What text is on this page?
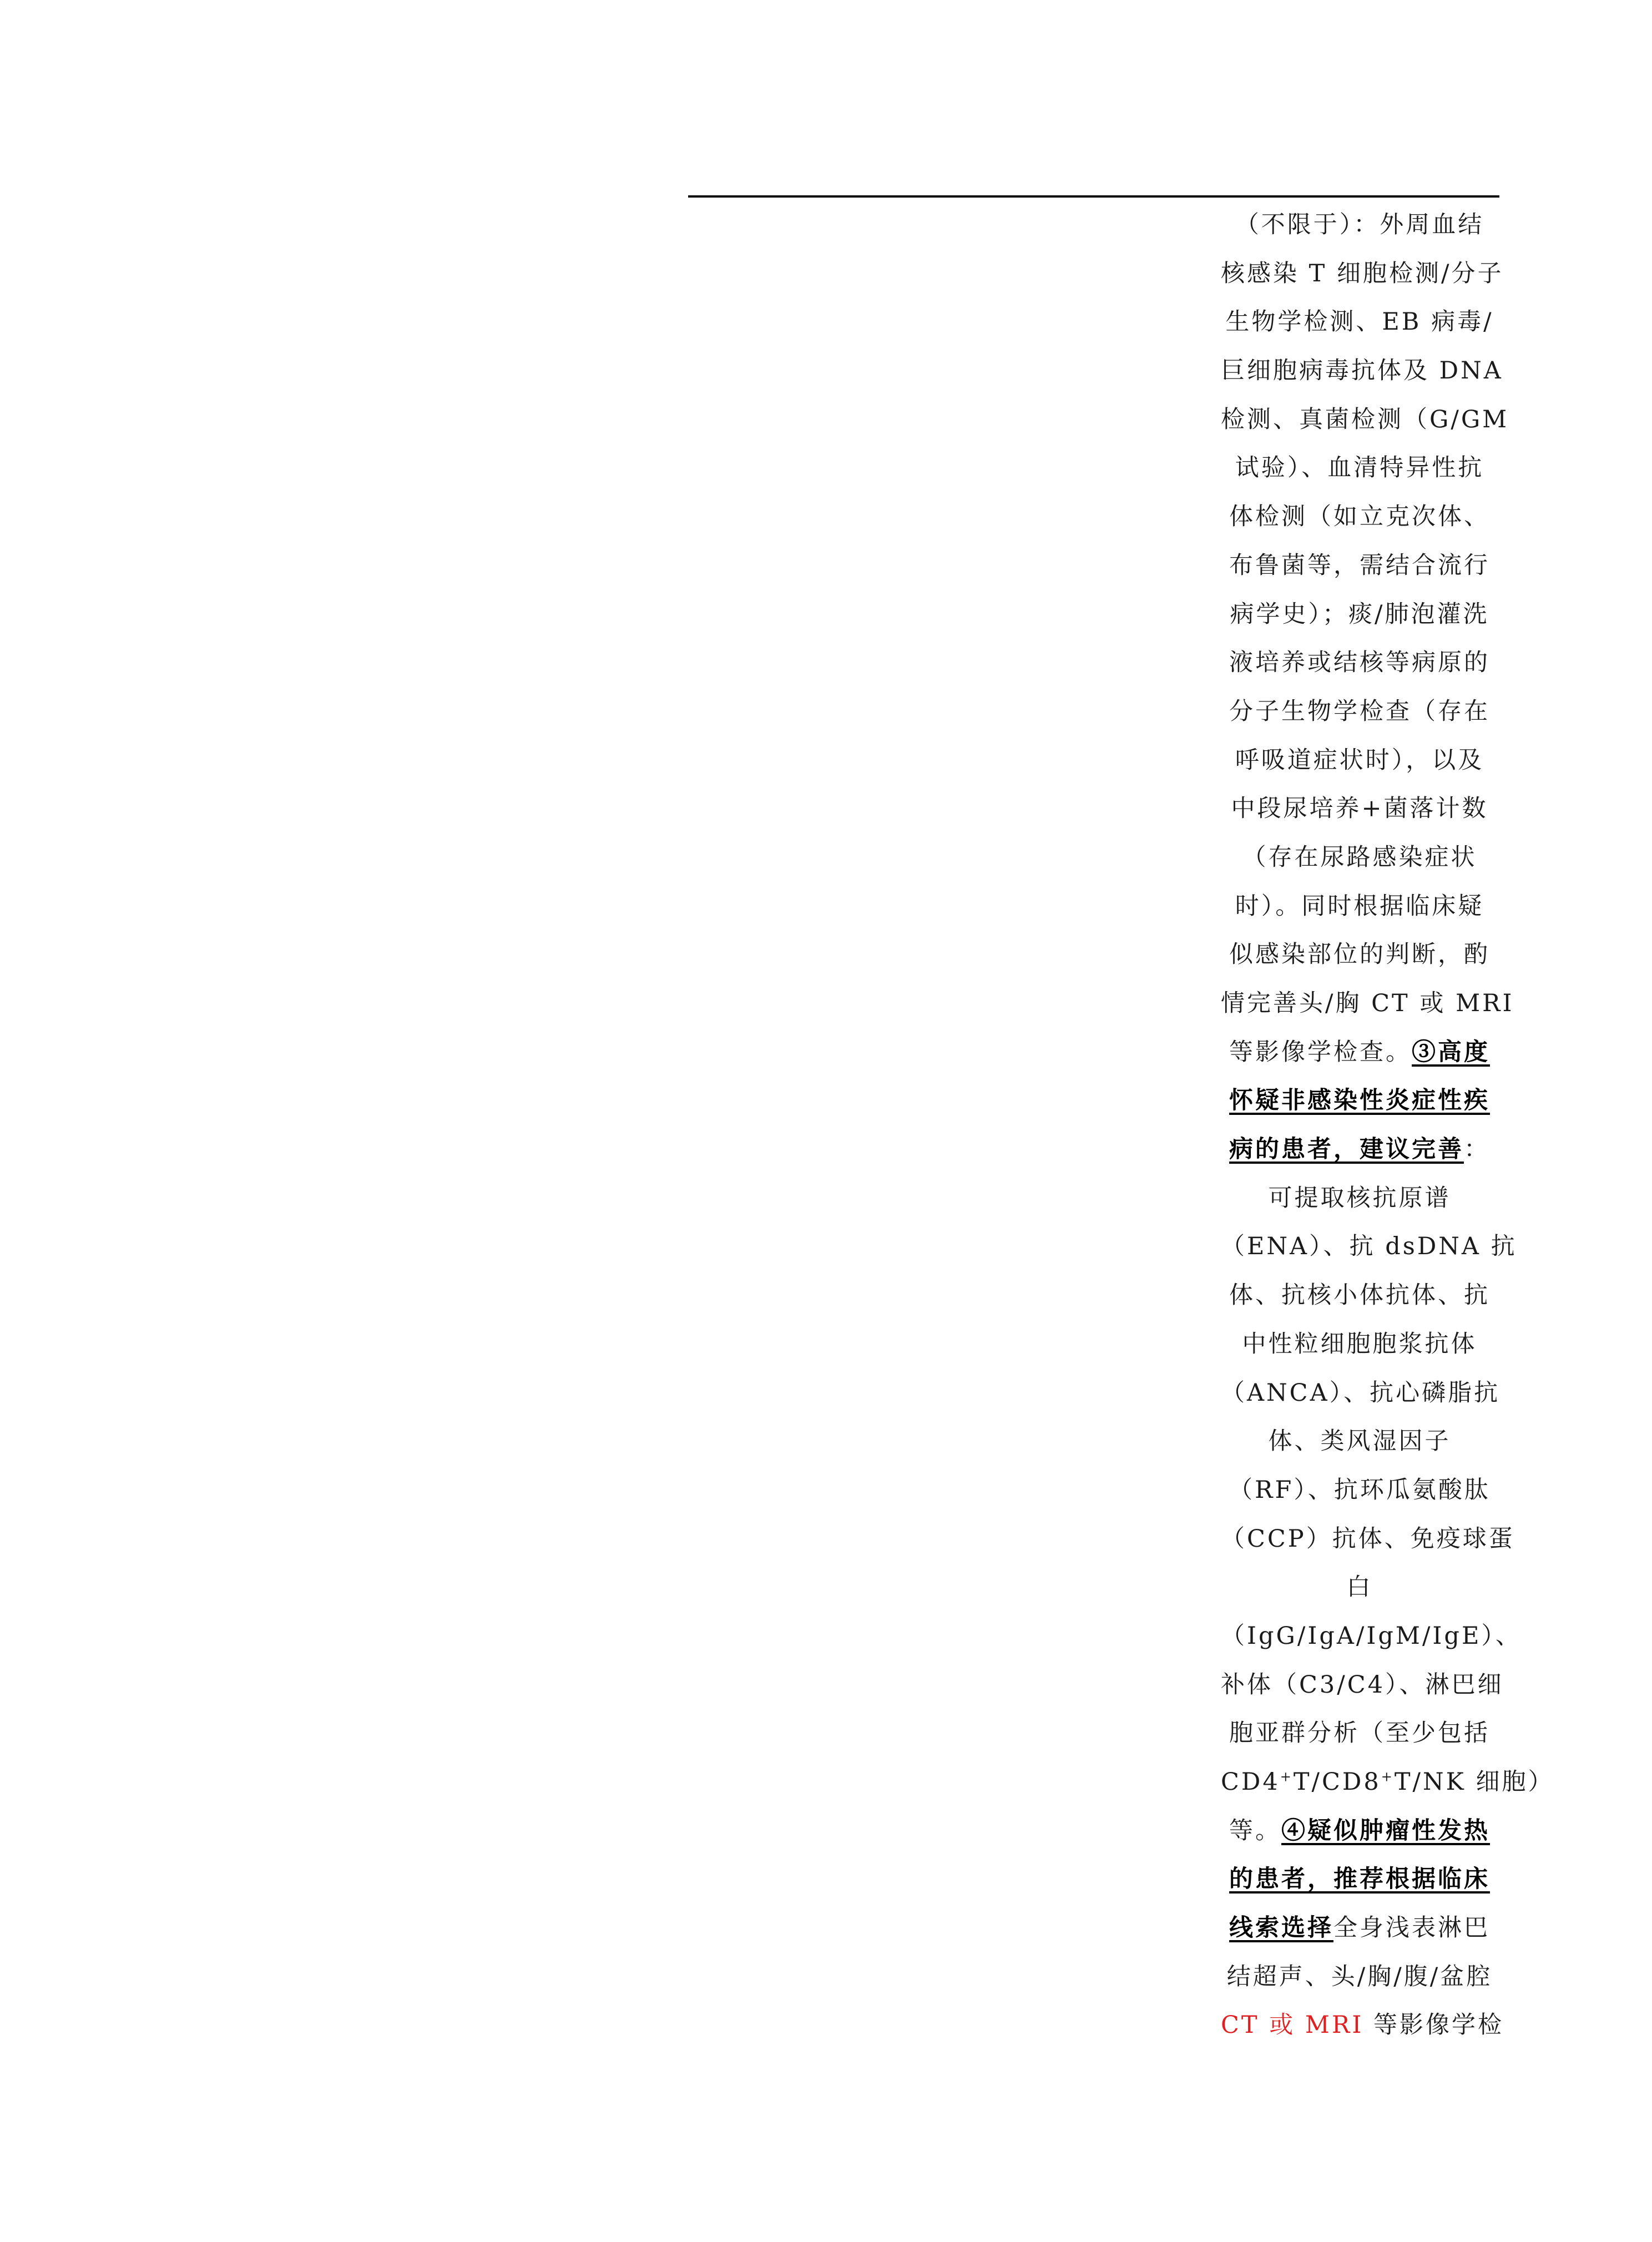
（不限于）：外周血结
核感染 T 细胞检测/分子
生物学检测、EB 病毒/
巨细胞病毒抗体及 DNA
检测、真菌检测（G/GM
试验）、血清特异性抗
体检测（如立克次体、
布鲁菌等，需结合流行
病学史）；痰/肺泡灌洗
液培养或结核等病原的
分子生物学检查（存在
呼吸道症状时），以及
中段尿培养+菌落计数
（存在尿路感染症状
时）。同时根据临床疑
似感染部位的判断，酌
情完善头/胸 CT 或 MRI
等影像学检查。③高度
怀疑非感染性炎症性疾
病的患者，建议完善：
可提取核抗原谱
（ENA）、抗 dsDNA 抗
体、抗核小体抗体、抗
中性粒细胞胞浆抗体
（ANCA）、抗心磷脂抗
体、类风湿因子
（RF）、抗环瓜氨酸肽
（CCP）抗体、免疫球蛋
白
（IgG/IgA/IgM/IgE）、
补体（C3/C4）、淋巴细
胞亚群分析（至少包括
CD4+T/CD8+T/NK 细胞）
等。④疑似肿瘤性发热
的患者，推荐根据临床
线索选择全身浅表淋巴
结超声、头/胸/腹/盆腔
CT 或 MRI 等影像学检
